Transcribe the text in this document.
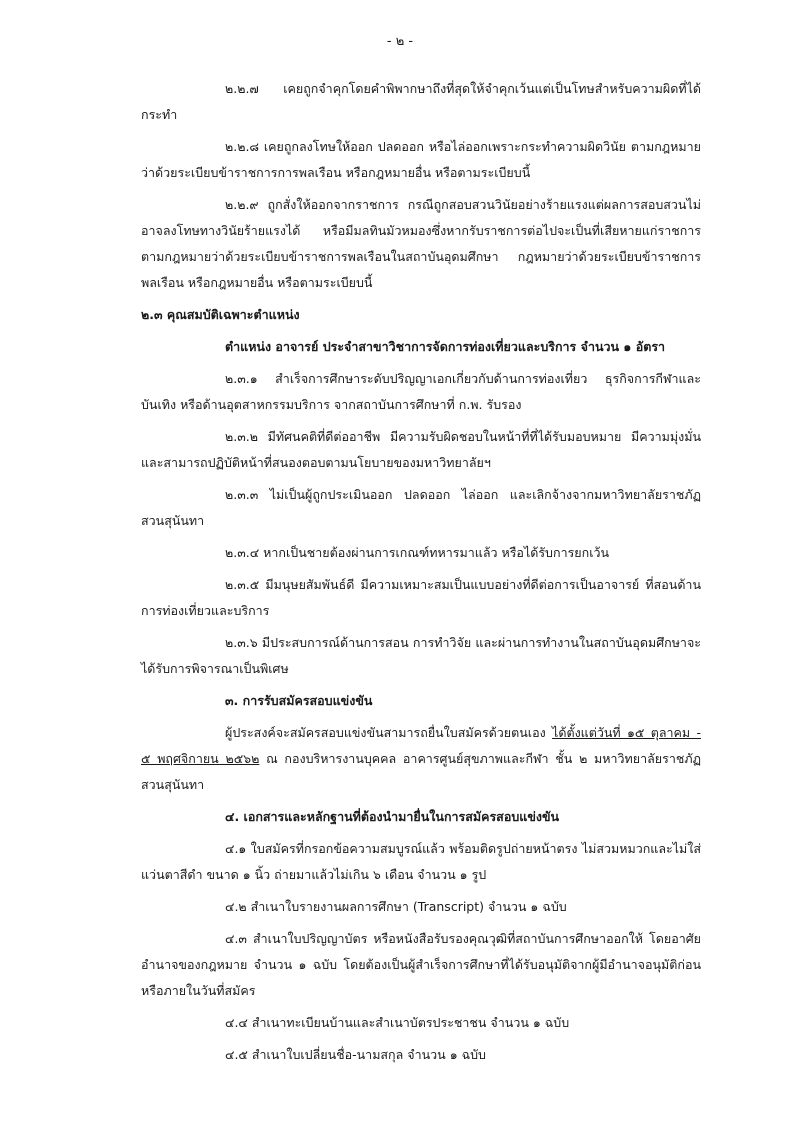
- ๒ -

๒.๒.๗ เคยถูกจำคุกโดยคำพิพากษาถึงที่สุดให้จำคุกเว้นแต่เป็นโทษสำหรับความผิดที่ได้กระทำ

๒.๒.๘ เคยถูกลงโทษให้ออก ปลดออก หรือไล่ออกเพราะกระทำความผิดวินัย ตามกฎหมายว่าด้วยระเบียบข้าราชการการพลเรือน หรือกฎหมายอื่น หรือตามระเบียบนี้

๒.๒.๙ ถูกสั่งให้ออกจากราชการ กรณีถูกสอบสวนวินัยอย่างร้ายแรงแต่ผลการสอบสวนไม่อาจลงโทษทางวินัยร้ายแรงได้ หรือมีมลทินมัวหมองซึ่งหากรับราชการต่อไปจะเป็นที่เสียหายแก่ราชการ ตามกฎหมายว่าด้วยระเบียบข้าราชการพลเรือนในสถาบันอุดมศึกษา กฎหมายว่าด้วยระเบียบข้าราชการพลเรือน หรือกฎหมายอื่น หรือตามระเบียบนี้

๒.๓ คุณสมบัติเฉพาะตำแหน่ง

ตำแหน่ง อาจารย์ ประจำสาขาวิชาการจัดการท่องเที่ยวและบริการ จำนวน ๑ อัตรา

๒.๓.๑ สำเร็จการศึกษาระดับปริญญาเอกเกี่ยวกับด้านการท่องเที่ยว ธุรกิจการกีฬาและบันเทิง หรือด้านอุตสาหกรรมบริการ จากสถาบันการศึกษาที่ ก.พ. รับรอง

๒.๓.๒ มีทัศนคติที่ดีต่ออาชีพ มีความรับผิดชอบในหน้าที่ที่ได้รับมอบหมาย มีความมุ่งมั่นและสามารถปฏิบัติหน้าที่สนองตอบตามนโยบายของมหาวิทยาลัยฯ

๒.๓.๓ ไม่เป็นผู้ถูกประเมินออก ปลดออก ไล่ออก และเลิกจ้างจากมหาวิทยาลัยราชภัฏสวนสุนันทา

๒.๓.๔ หากเป็นชายต้องผ่านการเกณฑ์ทหารมาแล้ว หรือได้รับการยกเว้น

๒.๓.๕ มีมนุษยสัมพันธ์ดี มีความเหมาะสมเป็นแบบอย่างที่ดีต่อการเป็นอาจารย์ ที่สอนด้านการท่องเที่ยวและบริการ

๒.๓.๖ มีประสบการณ์ด้านการสอน การทำวิจัย และผ่านการทำงานในสถาบันอุดมศึกษาจะได้รับการพิจารณาเป็นพิเศษ

๓. การรับสมัครสอบแข่งขัน

ผู้ประสงค์จะสมัครสอบแข่งขันสามารถยื่นใบสมัครด้วยตนเอง ได้ตั้งแต่วันที่ ๑๕ ตุลาคม - ๕ พฤศจิกายน ๒๕๖๒ ณ กองบริหารงานบุคคล อาคารศูนย์สุขภาพและกีฬา ชั้น ๒ มหาวิทยาลัยราชภัฏสวนสุนันทา

๔. เอกสารและหลักฐานที่ต้องนำมายื่นในการสมัครสอบแข่งขัน

๔.๑ ใบสมัครที่กรอกข้อความสมบูรณ์แล้ว พร้อมติดรูปถ่ายหน้าตรง ไม่สวมหมวกและไม่ใส่แว่นตาสีดำ ขนาด ๑ นิ้ว ถ่ายมาแล้วไม่เกิน ๖ เดือน จำนวน ๑ รูป

๔.๒ สำเนาใบรายงานผลการศึกษา (Transcript) จำนวน ๑ ฉบับ

๔.๓ สำเนาใบปริญญาบัตร หรือหนังสือรับรองคุณวุฒิที่สถาบันการศึกษาออกให้ โดยอาศัยอำนาจของกฎหมาย จำนวน ๑ ฉบับ โดยต้องเป็นผู้สำเร็จการศึกษาที่ได้รับอนุมัติจากผู้มีอำนาจอนุมัติก่อนหรือภายในวันที่สมัคร

๔.๔ สำเนาทะเบียนบ้านและสำเนาบัตรประชาชน จำนวน ๑ ฉบับ

๔.๕ สำเนาใบเปลี่ยนชื่อ-นามสกุล จำนวน ๑ ฉบับ
